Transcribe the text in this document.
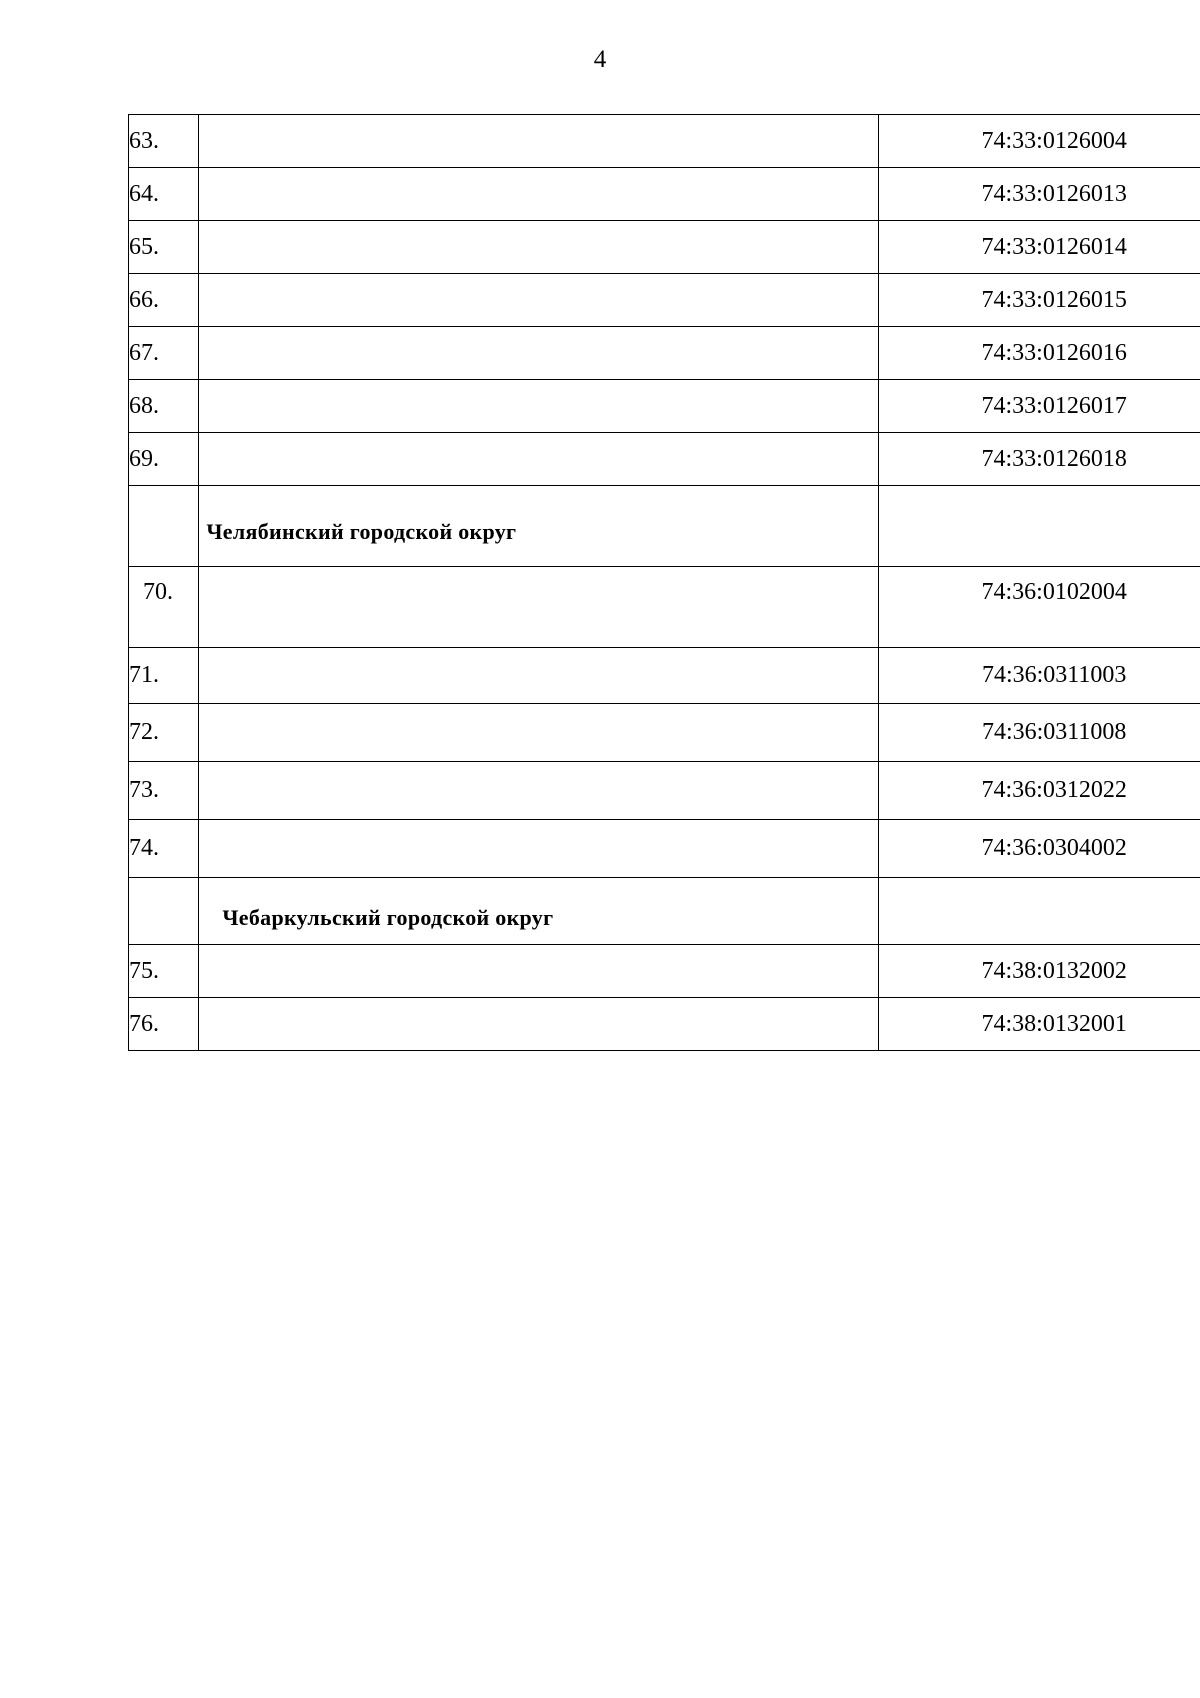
4
63.		74:33:0126004
64.		74:33:0126013
65.		74:33:0126014
66.		74:33:0126015
67.		74:33:0126016
68.		74:33:0126017
69.		74:33:0126018
	Челябинский городской округ	
70.		74:36:0102004
71.		74:36:0311003
72.		74:36:0311008
73.		74:36:0312022
74.		74:36:0304002
	Чебаркульский городской округ	
75.		74:38:0132002
76.		74:38:0132001
